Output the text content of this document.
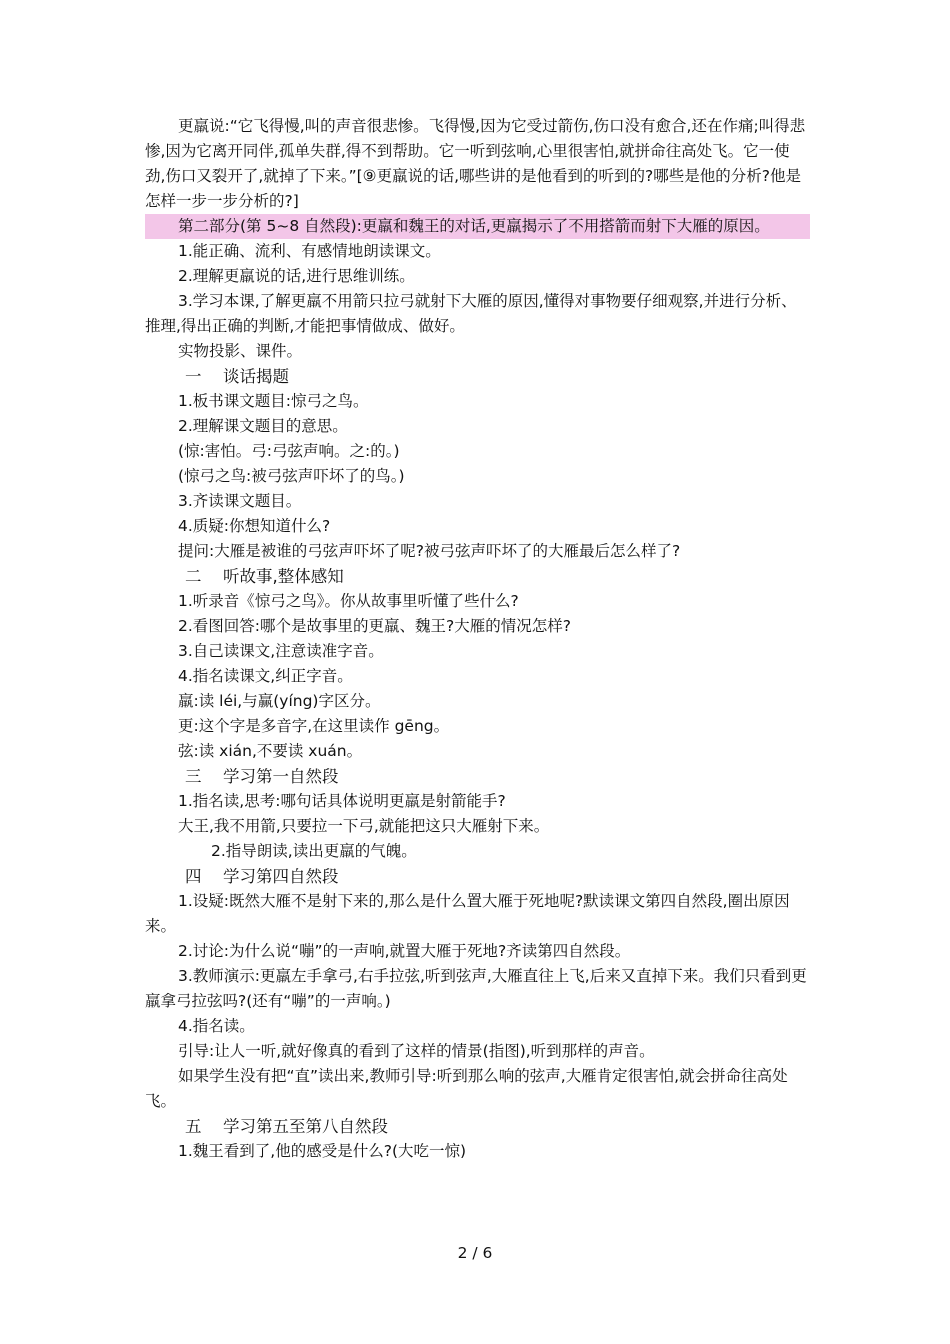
更羸说:“它飞得慢,叫的声音很悲惨。飞得慢,因为它受过箭伤,伤口没有愈合,还在作痛;叫得悲惨,因为它离开同伴,孤单失群,得不到帮助。它一听到弦响,心里很害怕,就拼命往高处飞。它一使劲,伤口又裂开了,就掉了下来。”[⑨更羸说的话,哪些讲的是他看到的听到的?哪些是他的分析?他是怎样一步一步分析的?]

第二部分(第 5~8 自然段):更羸和魏王的对话,更羸揭示了不用搭箭而射下大雁的原因。

1.能正确、流利、有感情地朗读课文。

2.理解更羸说的话,进行思维训练。

3.学习本课,了解更羸不用箭只拉弓就射下大雁的原因,懂得对事物要仔细观察,并进行分析、推理,得出正确的判断,才能把事情做成、做好。

实物投影、课件。

一 谈话揭题

1.板书课文题目:惊弓之鸟。

2.理解课文题目的意思。

(惊:害怕。弓:弓弦声响。之:的。)

(惊弓之鸟:被弓弦声吓坏了的鸟。)

3.齐读课文题目。

4.质疑:你想知道什么?

提问:大雁是被谁的弓弦声吓坏了呢?被弓弦声吓坏了的大雁最后怎么样了?

二 听故事,整体感知

1.听录音《惊弓之鸟》。你从故事里听懂了些什么?

2.看图回答:哪个是故事里的更羸、魏王?大雁的情况怎样?

3.自己读课文,注意读准字音。

4.指名读课文,纠正字音。

羸:读 léi,与赢(yíng)字区分。

更:这个字是多音字,在这里读作 gēng。

弦:读 xián,不要读 xuán。

三 学习第一自然段

1.指名读,思考:哪句话具体说明更羸是射箭能手?

大王,我不用箭,只要拉一下弓,就能把这只大雁射下来。

2.指导朗读,读出更羸的气魄。

四 学习第四自然段

1.设疑:既然大雁不是射下来的,那么是什么置大雁于死地呢?默读课文第四自然段,圈出原因来。

2.讨论:为什么说“嘣”的一声响,就置大雁于死地?齐读第四自然段。

3.教师演示:更羸左手拿弓,右手拉弦,听到弦声,大雁直往上飞,后来又直掉下来。我们只看到更羸拿弓拉弦吗?(还有“嘣”的一声响。)

4.指名读。

引导:让人一听,就好像真的看到了这样的情景(指图),听到那样的声音。

如果学生没有把“直”读出来,教师引导:听到那么响的弦声,大雁肯定很害怕,就会拼命往高处飞。

五 学习第五至第八自然段

1.魏王看到了,他的感受是什么?(大吃一惊)

2 / 6
